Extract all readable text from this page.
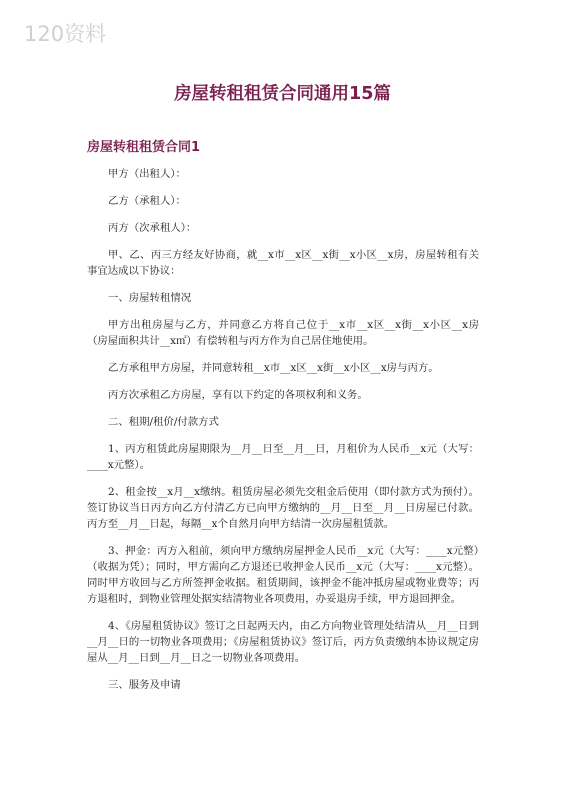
120资料
房屋转租租赁合同通用15篇
房屋转租租赁合同1

甲方（出租人）：

乙方（承租人）：

丙方（次承租人）：

甲、乙、丙三方经友好协商，就__x市__x区__x街__x小区__x房，房屋转租有关事宜达成以下协议：

一、房屋转租情况

甲方出租房屋与乙方，并同意乙方将自己位于__x市__x区__x街__x小区__x房（房屋面积共计__x㎡）有偿转租与丙方作为自己居住地使用。

乙方承租甲方房屋，并同意转租__x市__x区__x街__x小区__x房与丙方。

丙方次承租乙方房屋，享有以下约定的各项权利和义务。

二、租期/租价/付款方式

1、丙方租赁此房屋期限为__月__日至__月__日，月租价为人民币__x元（大写：____x元整）。

2、租金按__x月__x缴纳。租赁房屋必须先交租金后使用（即付款方式为预付）。签订协议当日丙方向乙方付清乙方已向甲方缴纳的__月__日至__月__日房屋已付款。丙方至__月__日起，每隔__x个自然月向甲方结清一次房屋租赁款。

3、押金：丙方入租前，须向甲方缴纳房屋押金人民币__x元（大写：____x元整）（收据为凭）；同时，甲方需向乙方退还已收押金人民币__x元（大写：____x元整）。同时甲方收回与乙方所签押金收据。租赁期间，该押金不能冲抵房屋或物业费等；丙方退租时，到物业管理处据实结清物业各项费用，办妥退房手续，甲方退回押金。

4、《房屋租赁协议》签订之日起两天内，由乙方向物业管理处结清从__月__日到__月__日的一切物业各项费用；《房屋租赁协议》签订后，丙方负责缴纳本协议规定房屋从__月__日到__月__日之一切物业各项费用。

三、服务及申请
